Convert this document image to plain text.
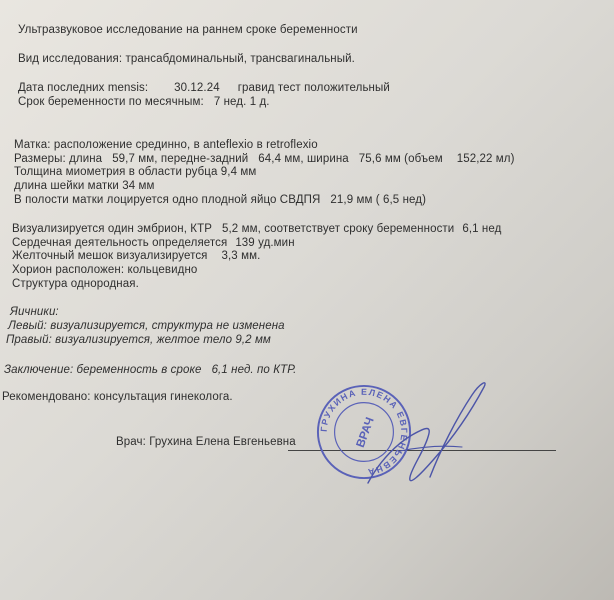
Ультразвуковое исследование на раннем сроке беременности
Вид исследования: трансабдоминальный, трансвагинальный.
Дата последних mensis: 30.12.24 гравид тест положительный
Срок беременности по месячным: 7 нед. 1 д.
Матка: расположение срединно, в anteflexio в retroflexio
Размеры: длина 59,7 мм, передне-задний 64,4 мм, ширина 75,6 мм (объем 152,22 мл)
Толщина миометрия в области рубца 9,4 мм
длина шейки матки 34 мм
В полости матки лоцируется одно плодной яйцо СВДПЯ 21,9 мм ( 6,5 нед)
Визуализируется один эмбрион, КТР 5,2 мм, соответствует сроку беременности 6,1 нед
Сердечная деятельность определяется 139 уд.мин
Желточный мешок визуализируется 3,3 мм.
Хорион расположен: кольцевидно
Структура однородная.
Яичники:
Левый: визуализируется, структура не изменена
Правый: визуализируется, желтое тело 9,2 мм
Заключение: беременность в сроке 6,1 нед. по КТР.
Рекомендовано: консультация гинеколога.
Врач: Грухина Елена Евгеньевна
ГРУХИНА ЕЛЕНА ЕВГЕНЬЕВНА
ВРАЧ
